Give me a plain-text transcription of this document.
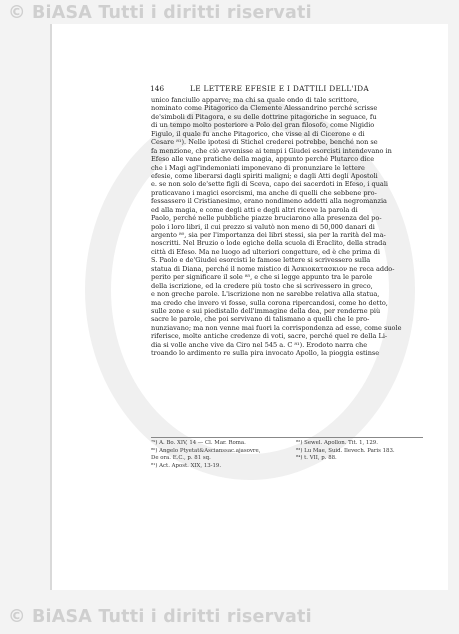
© BiASA Tutti i diritti riservati
146	LE LETTERE EFESIE E I DATTILI DELL'IDA
unico fanciullo apparve; ma chi sa quale ondo di tale scrittore,
nominato come Pitagorico da Clemente Alessandrino perché scrisse
de'simboli di Pitagora, e su delle dottrine pitagoriche in seguace, fu
di un tempo molto posteriore a Polo del gran filosofo, come Nigidio
Figulo, il quale fu anche Pitagorico, che visse al di Cicerone e di
Cesare ⁸¹). Nelle ipotesi di Stichel crederei potrebbe, benché non se
fa menzione, che ciò avvenisse ai tempi i Giudei esorcisti intendevano in
Efeso alle vane pratiche della magia, appunto perché Plutarco dice
che i Magi agl'indemoniati imponevano di pronunziare le lettere
efesie, come liberarsi dagli spiriti maligni; e dagli Atti degli Apostoli
e. se non solo de'sette figli di Sceva, capo dei sacerdoti in Efeso, i quali
praticavano i magici esorcismi, ma anche di quelli che sebbene pro-
fessassero il Cristianesimo, erano nondimeno addetti alla negromanzia
ed alla magia, e come degli atti e degli altri riceve la parola di
Paolo, perché nelle pubbliche piazze bruciarono alla presenza del po-
polo i loro libri, il cui prezzo si valutò non meno di 50,000 danari di
argento ⁸⁰, sia per l'importanza dei libri stessi, sia per la rarità del ma-
noscritti. Nel Bruzio o lode egiche della scuola di Eraclito, della strada
città di Efeso. Ma ne luogo ad ulteriori congetture, ed è che prima di
S. Paolo e de'Giudei esorcisti le famose lettere si scrivessero sulla
statua di Diana, perché il nome mistico di Ἀσκιοκατασκιον ne reca addo-
perito per significare il sole ⁸⁵, e che si legge appunto tra le parole
della iscrizione, ed la credere più tosto che si scrivessero in greco,
e non greche parole. L'iscrizione non ne sarebbe relativa alla statua,
ma credo che invero vi fosse, sulla corona ripercandosi, come ho detto,
sulle zone e sui piedistallo dell'immagine della dea, per renderne più
sacre le parole, che poi servivano di talismano a quelli che le pro-
nunziavano; ma non venne mai fuori la corrispondenza ad esse, come suole
riferisce, molte antiche credenze di voti, sacre, perché quel re della Li-
dia si volle anche vive da Ciro nel 545 a. C ⁸¹). Erodoto narra che
troando lo ardimento re sulla pira invocato Apollo, la pioggia estinse
⁷⁹) A. Bo. XIV, 14 — Cl. Mar. Roma.
⁸⁰) Angelo Ptyetat&Ascianssac.ajasovre,
De ora. E.C., p. 81 sq.
⁸¹) Act. Apost. XIX, 13-19.
⁸²) Sewel. Apollon. Tit. 1, 129.
⁸³) Lu Mae, Suid. Ilevech. Paris 183.
⁸⁴) t. VII, p. 88.
© BiASA Tutti i diritti riservati
